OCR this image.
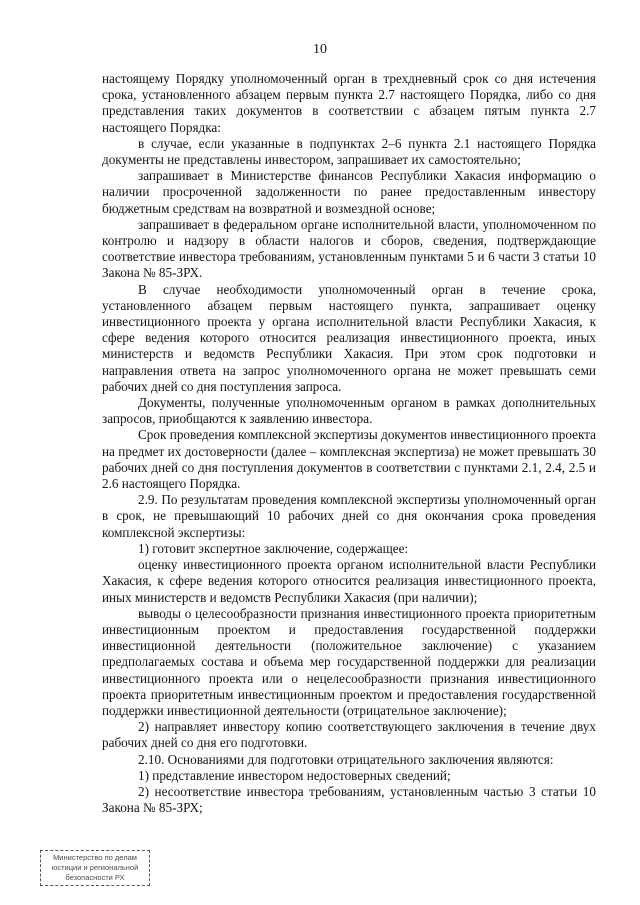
10

настоящему Порядку уполномоченный орган в трехдневный срок со дня истечения срока, установленного абзацем первым пункта 2.7 настоящего Порядка, либо со дня представления таких документов в соответствии с абзацем пятым пункта 2.7 настоящего Порядка:

в случае, если указанные в подпунктах 2–6 пункта 2.1 настоящего Порядка документы не представлены инвестором, запрашивает их самостоятельно;

запрашивает в Министерстве финансов Республики Хакасия информацию о наличии просроченной задолженности по ранее предоставленным инвестору бюджетным средствам на возвратной и возмездной основе;

запрашивает в федеральном органе исполнительной власти, уполномоченном по контролю и надзору в области налогов и сборов, сведения, подтверждающие соответствие инвестора требованиям, установленным пунктами 5 и 6 части 3 статьи 10 Закона № 85-ЗРХ.

В случае необходимости уполномоченный орган в течение срока, установленного абзацем первым настоящего пункта, запрашивает оценку инвестиционного проекта у органа исполнительной власти Республики Хакасия, к сфере ведения которого относится реализация инвестиционного проекта, иных министерств и ведомств Республики Хакасия. При этом срок подготовки и направления ответа на запрос уполномоченного органа не может превышать семи рабочих дней со дня поступления запроса.

Документы, полученные уполномоченным органом в рамках дополнительных запросов, приобщаются к заявлению инвестора.

Срок проведения комплексной экспертизы документов инвестиционного проекта на предмет их достоверности (далее – комплексная экспертиза) не может превышать 30 рабочих дней со дня поступления документов в соответствии с пунктами 2.1, 2.4, 2.5 и 2.6 настоящего Порядка.

2.9. По результатам проведения комплексной экспертизы уполномоченный орган в срок, не превышающий 10 рабочих дней со дня окончания срока проведения комплексной экспертизы:

1) готовит экспертное заключение, содержащее:

оценку инвестиционного проекта органом исполнительной власти Республики Хакасия, к сфере ведения которого относится реализация инвестиционного проекта, иных министерств и ведомств Республики Хакасия (при наличии);

выводы о целесообразности признания инвестиционного проекта приоритетным инвестиционным проектом и предоставления государственной поддержки инвестиционной деятельности (положительное заключение) с указанием предполагаемых состава и объема мер государственной поддержки для реализации инвестиционного проекта или о нецелесообразности признания инвестиционного проекта приоритетным инвестиционным проектом и предоставления государственной поддержки инвестиционной деятельности (отрицательное заключение);

2) направляет инвестору копию соответствующего заключения в течение двух рабочих дней со дня его подготовки.

2.10. Основаниями для подготовки отрицательного заключения являются:

1) представление инвестором недостоверных сведений;

2) несоответствие инвестора требованиям, установленным частью 3 статьи 10 Закона № 85-ЗРХ;

Министерство по делам
юстиции и региональной
безопасности РХ
